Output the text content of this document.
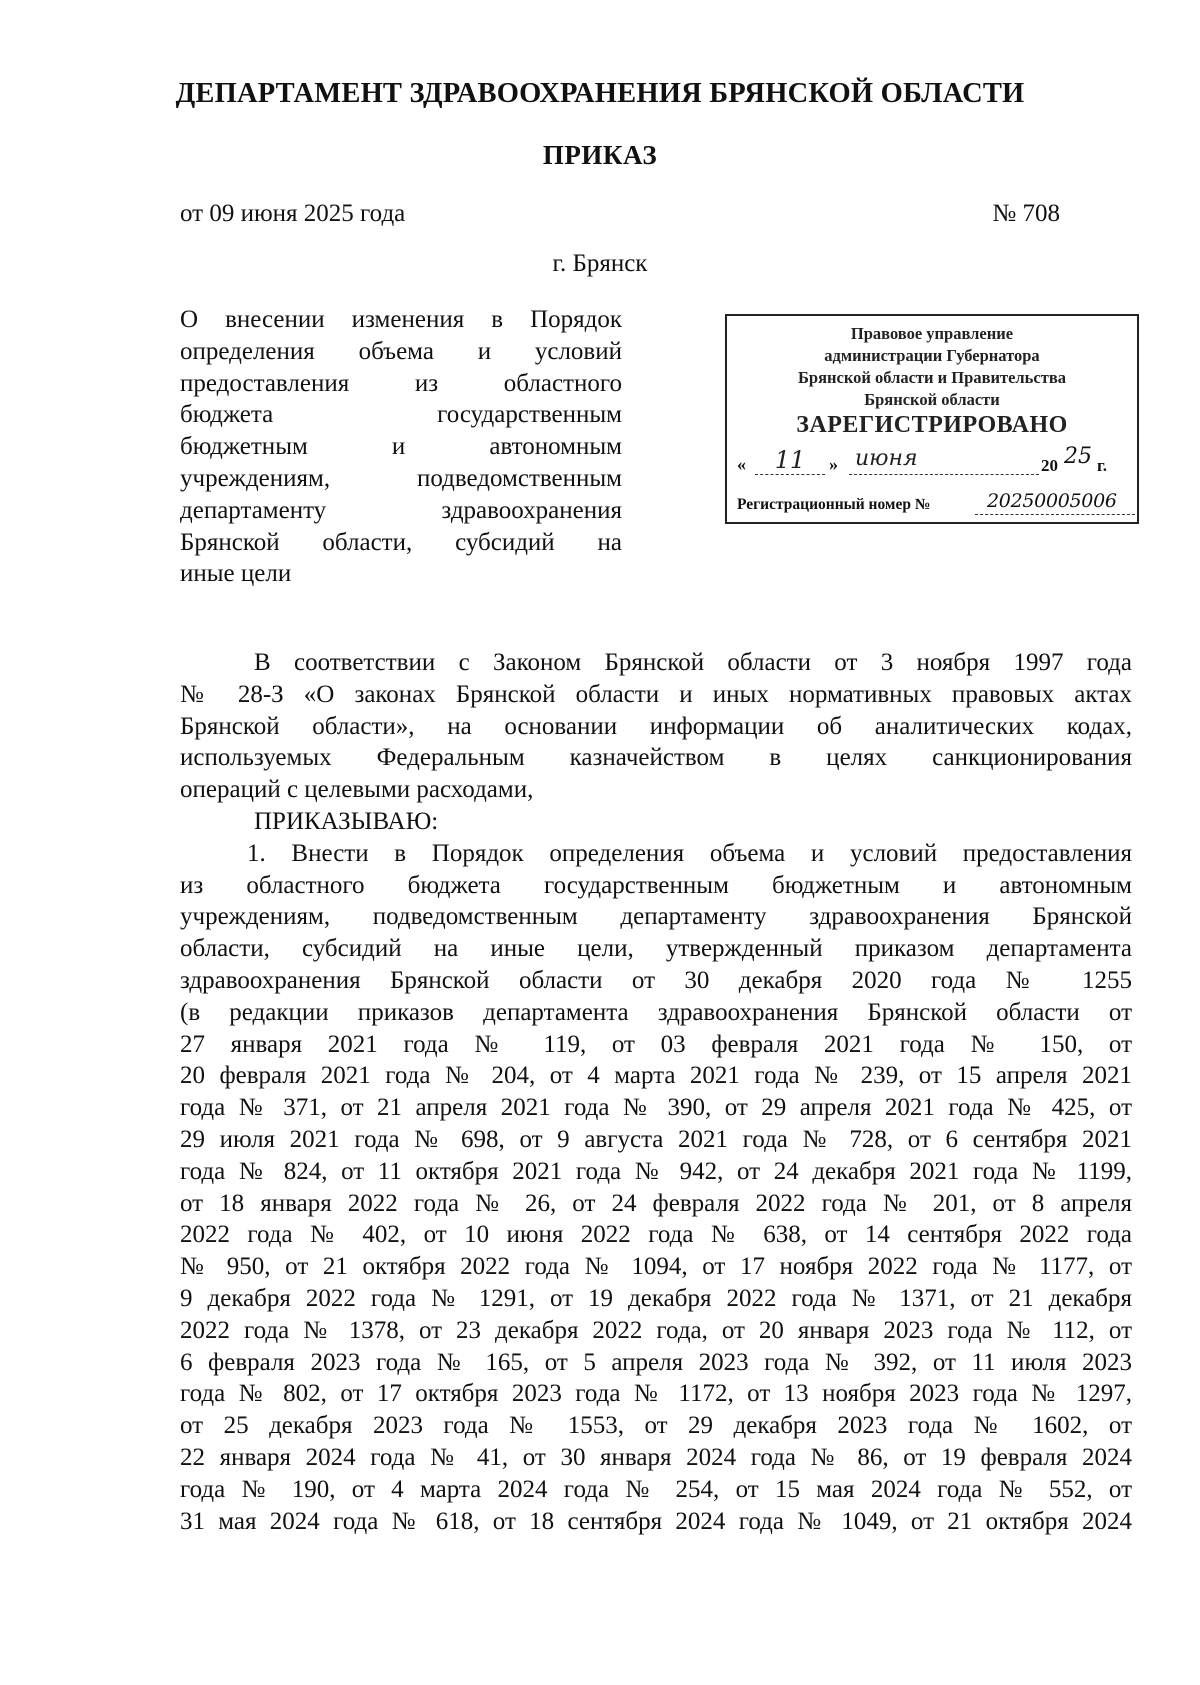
ДЕПАРТАМЕНТ ЗДРАВООХРАНЕНИЯ БРЯНСКОЙ ОБЛАСТИ
ПРИКАЗ
от 09 июня 2025 года	№ 708
г. Брянск
О внесении изменения в Порядок
определения объема и условий
предоставления из областного
бюджета государственным
бюджетным и автономным
учреждениям, подведомственным
департаменту здравоохранения
Брянской области, субсидий на
иные цели
Правовое управление
администрации Губернатора
Брянской области и Правительства
Брянской области
ЗАРЕГИСТРИРОВАНО
«	11	» июня	20 25 г.
Регистрационный номер №	20250005006
В соответствии с Законом Брянской области от 3 ноября 1997 года
№ 28-З «О законах Брянской области и иных нормативных правовых актах
Брянской области», на основании информации об аналитических кодах,
используемых Федеральным казначейством в целях санкционирования
операций с целевыми расходами,
ПРИКАЗЫВАЮ:
1. Внести в Порядок определения объема и условий предоставления
из областного бюджета государственным бюджетным и автономным
учреждениям, подведомственным департаменту здравоохранения Брянской
области, субсидий на иные цели, утвержденный приказом департамента
здравоохранения Брянской области от 30 декабря 2020 года № 1255
(в редакции приказов департамента здравоохранения Брянской области от
27 января 2021 года № 119, от 03 февраля 2021 года № 150, от
20 февраля 2021 года № 204, от 4 марта 2021 года № 239, от 15 апреля 2021
года № 371, от 21 апреля 2021 года № 390, от 29 апреля 2021 года № 425, от
29 июля 2021 года № 698, от 9 августа 2021 года № 728, от 6 сентября 2021
года № 824, от 11 октября 2021 года № 942, от 24 декабря 2021 года № 1199,
от 18 января 2022 года № 26, от 24 февраля 2022 года № 201, от 8 апреля
2022 года № 402, от 10 июня 2022 года № 638, от 14 сентября 2022 года
№ 950, от 21 октября 2022 года № 1094, от 17 ноября 2022 года № 1177, от
9 декабря 2022 года № 1291, от 19 декабря 2022 года № 1371, от 21 декабря
2022 года № 1378, от 23 декабря 2022 года, от 20 января 2023 года № 112, от
6 февраля 2023 года № 165, от 5 апреля 2023 года № 392, от 11 июля 2023
года № 802, от 17 октября 2023 года № 1172, от 13 ноября 2023 года № 1297,
от 25 декабря 2023 года № 1553, от 29 декабря 2023 года № 1602, от
22 января 2024 года № 41, от 30 января 2024 года № 86, от 19 февраля 2024
года № 190, от 4 марта 2024 года № 254, от 15 мая 2024 года № 552, от
31 мая 2024 года № 618, от 18 сентября 2024 года № 1049, от 21 октября 2024
